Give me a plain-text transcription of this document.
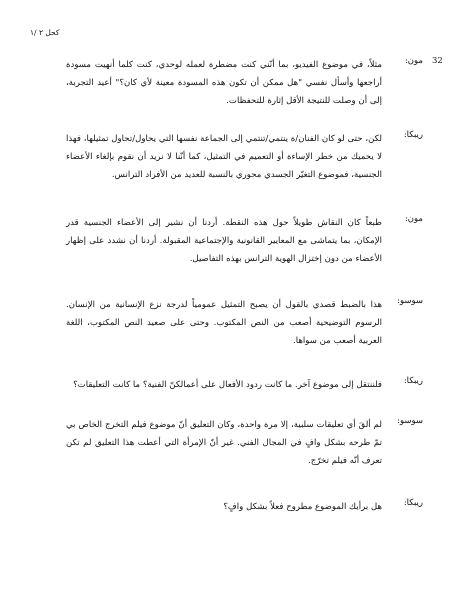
كحل ٢ /١
32
مون:
مثلاً، في موضوع الفيديو، بما أنّني كنت مضطرة لعمله لوحدي، كنت كلما أنهيت مسودة أراجعها وأسأل نفسي "هل ممكن أن تكون هذه المسودة معينة لأي كان؟" أعيد التجربة، إلى أن وصلت للنتيجة الأقل إثارة للتحفظات.
ريبكا:
لكن، حتى لو كان الفنان/ة ينتمي/تنتمي إلى الجماعة نفسها التي يحاول/تحاول تمثيلها، فهذا لا يحميك من خطر الإساءة أو التعميم في التمثيل، كما أنّنا لا نريد أن نقوم بإلغاء الأعضاء الجنسية، فموضوع التغيّر الجسدي محوري بالنسبة للعديد من الأفراد الترانس.
مون:
طبعاً كان النقاش طويلاً حول هذه النقطة. أردنا أن نشير إلى الأعضاء الجنسية قدر الإمكان، بما يتماشى مع المعايير القانونية والإجتماعية المقبولة. أردنا أن نشدد على إظهار الأعضاء من دون إختزال الهوية الترانس بهذه التفاصيل.
سوسو:
هذا بالضبط قصدي بالقول أن يصبح التمثيل عمومياً لدرجة نزع الإنسانية من الإنسان. الرسوم التوضيحية أصعب من النص المكتوب. وحتى على صعيد النص المكتوب، اللغة العربية أصعب من سواها.
ريبكا:
فلننتقل إلى موضوع آخر. ما كانت ردود الأفعال على أعمالكنّ الفنية؟ ما كانت التعليقات؟
سوسو:
لم ألقَ أي تعليقات سلبية، إلا مرة واحدة، وكان التعليق أنّ موضوع فيلم التخرج الخاص بي تمّ طرحه بشكل وافٍ في المجال الفني. غير أنّ الإمرأة التي أعطت هذا التعليق لم تكن تعرف أنّه فيلم تخرّج.
ريبكا:
هل برأيك الموضوع مطروح فعلاً بشكل وافٍ؟
